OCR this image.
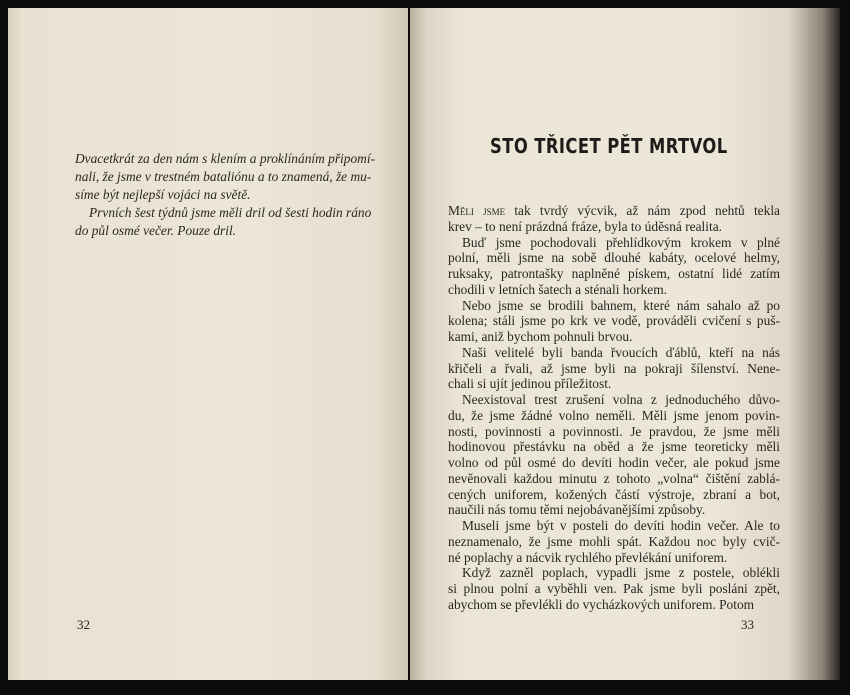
Dvacetkrát za den nám s klením a proklínáním připomí-
nali, že jsme v trestném bataliónu a to znamená, že mu-
síme být nejlepší vojáci na světě.
Prvních šest týdnů jsme měli dril od šesti hodin ráno
do půl osmé večer. Pouze dril.
32
STO TŘICET PĚT MRTVOL
Měli jsme tak tvrdý výcvik, až nám zpod nehtů tekla
krev – to není prázdná fráze, byla to úděsná realita.
Buď jsme pochodovali přehlídkovým krokem v plné
polní, měli jsme na sobě dlouhé kabáty, ocelové helmy,
ruksaky, patrontašky naplněné pískem, ostatní lidé zatím
chodili v letních šatech a sténali horkem.
Nebo jsme se brodili bahnem, které nám sahalo až po
kolena; stáli jsme po krk ve vodě, prováděli cvičení s puš-
kami, aniž bychom pohnuli brvou.
Naši velitelé byli banda řvoucích ďáblů, kteří na nás
křičeli a řvali, až jsme byli na pokraji šílenství. Nene-
chali si ujít jedinou příležitost.
Neexistoval trest zrušení volna z jednoduchého důvo-
du, že jsme žádné volno neměli. Měli jsme jenom povin-
nosti, povinnosti a povinnosti. Je pravdou, že jsme měli
hodinovou přestávku na oběd a že jsme teoreticky měli
volno od půl osmé do devíti hodin večer, ale pokud jsme
nevěnovali každou minutu z tohoto „volna“ čištění zablá-
cených uniforem, kožených částí výstroje, zbraní a bot,
naučili nás tomu těmi nejobávanějšími způsoby.
Museli jsme být v posteli do devíti hodin večer. Ale to
neznamenalo, že jsme mohli spát. Každou noc byly cvič-
né poplachy a nácvik rychlého převlékání uniforem.
Když zazněl poplach, vypadli jsme z postele, oblékli
si plnou polní a vyběhli ven. Pak jsme byli posláni zpět,
abychom se převlékli do vycházkových uniforem. Potom
33
